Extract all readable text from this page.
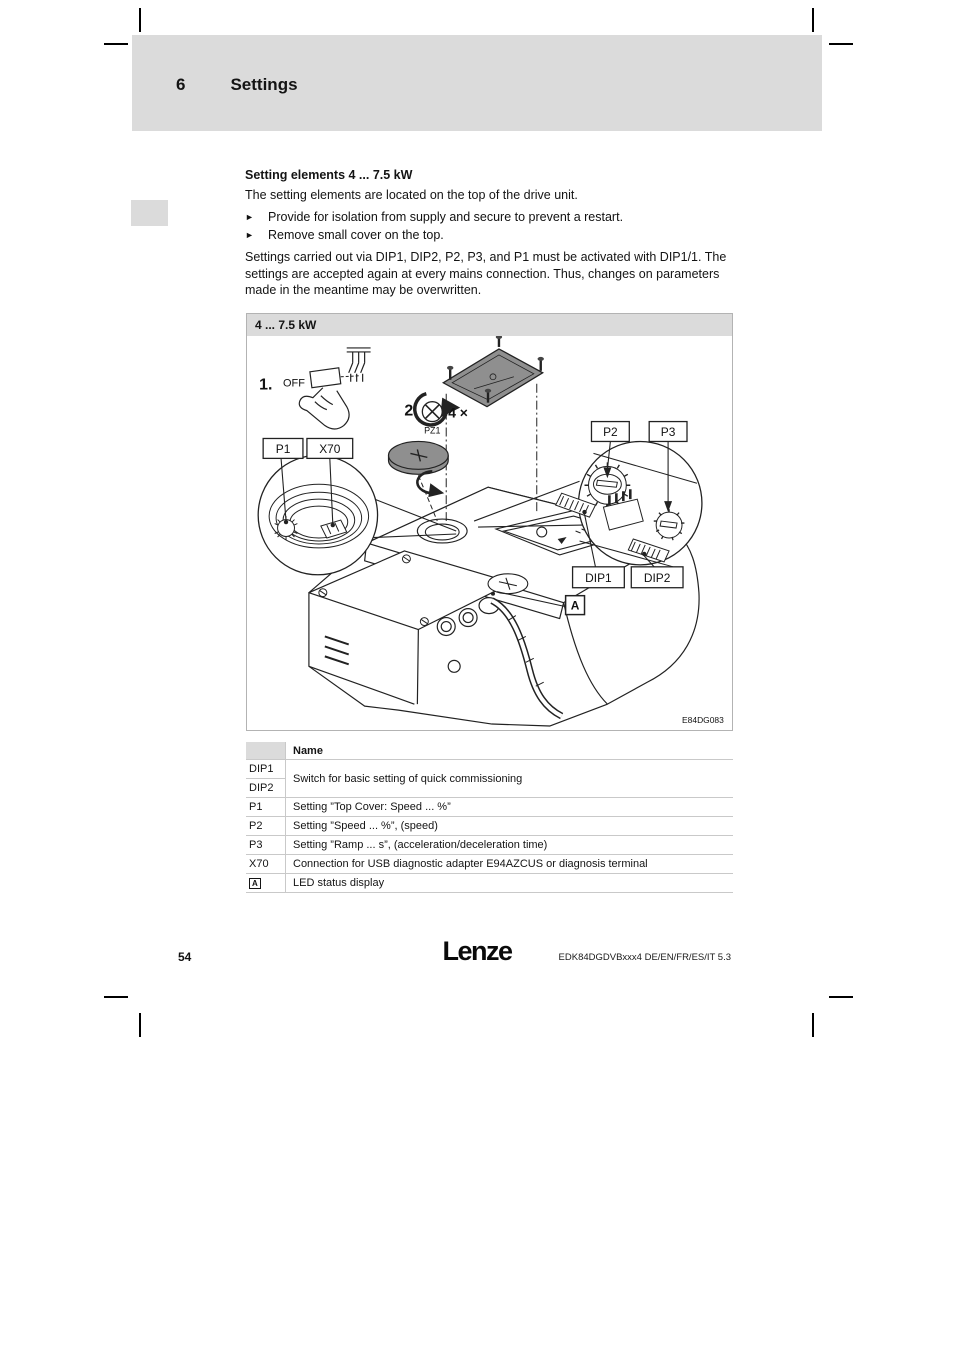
6	Settings
Setting elements 4 ... 7.5 kW
The setting elements are located on the top of the drive unit.
►	Provide for isolation from supply and secure to prevent a restart.
►	Remove small cover on the top.
Settings carried out via DIP1, DIP2, P2, P3, and P1 must be activated with DIP1/1. The settings are accepted again at every mains connection. Thus, changes on parameters made in the meantime may be overwritten.
4 ... 7.5 kW
1. OFF
2.
PZ1
4 ×
P1 X70
P2	P3
DIP1	DIP2
A
E84DG083
	Name
DIP1	Switch for basic setting of quick commissioning
DIP2	
P1	Setting ”Top Cover: Speed ... %”
P2	Setting ”Speed ... %”, (speed)
P3	Setting ”Ramp ... s”, (acceleration/deceleration time)
X70	Connection for USB diagnostic adapter E94AZCUS or diagnosis terminal
A	LED status display
54	Lenze	EDK84DGDVBxxx4 DE/EN/FR/ES/IT 5.3
